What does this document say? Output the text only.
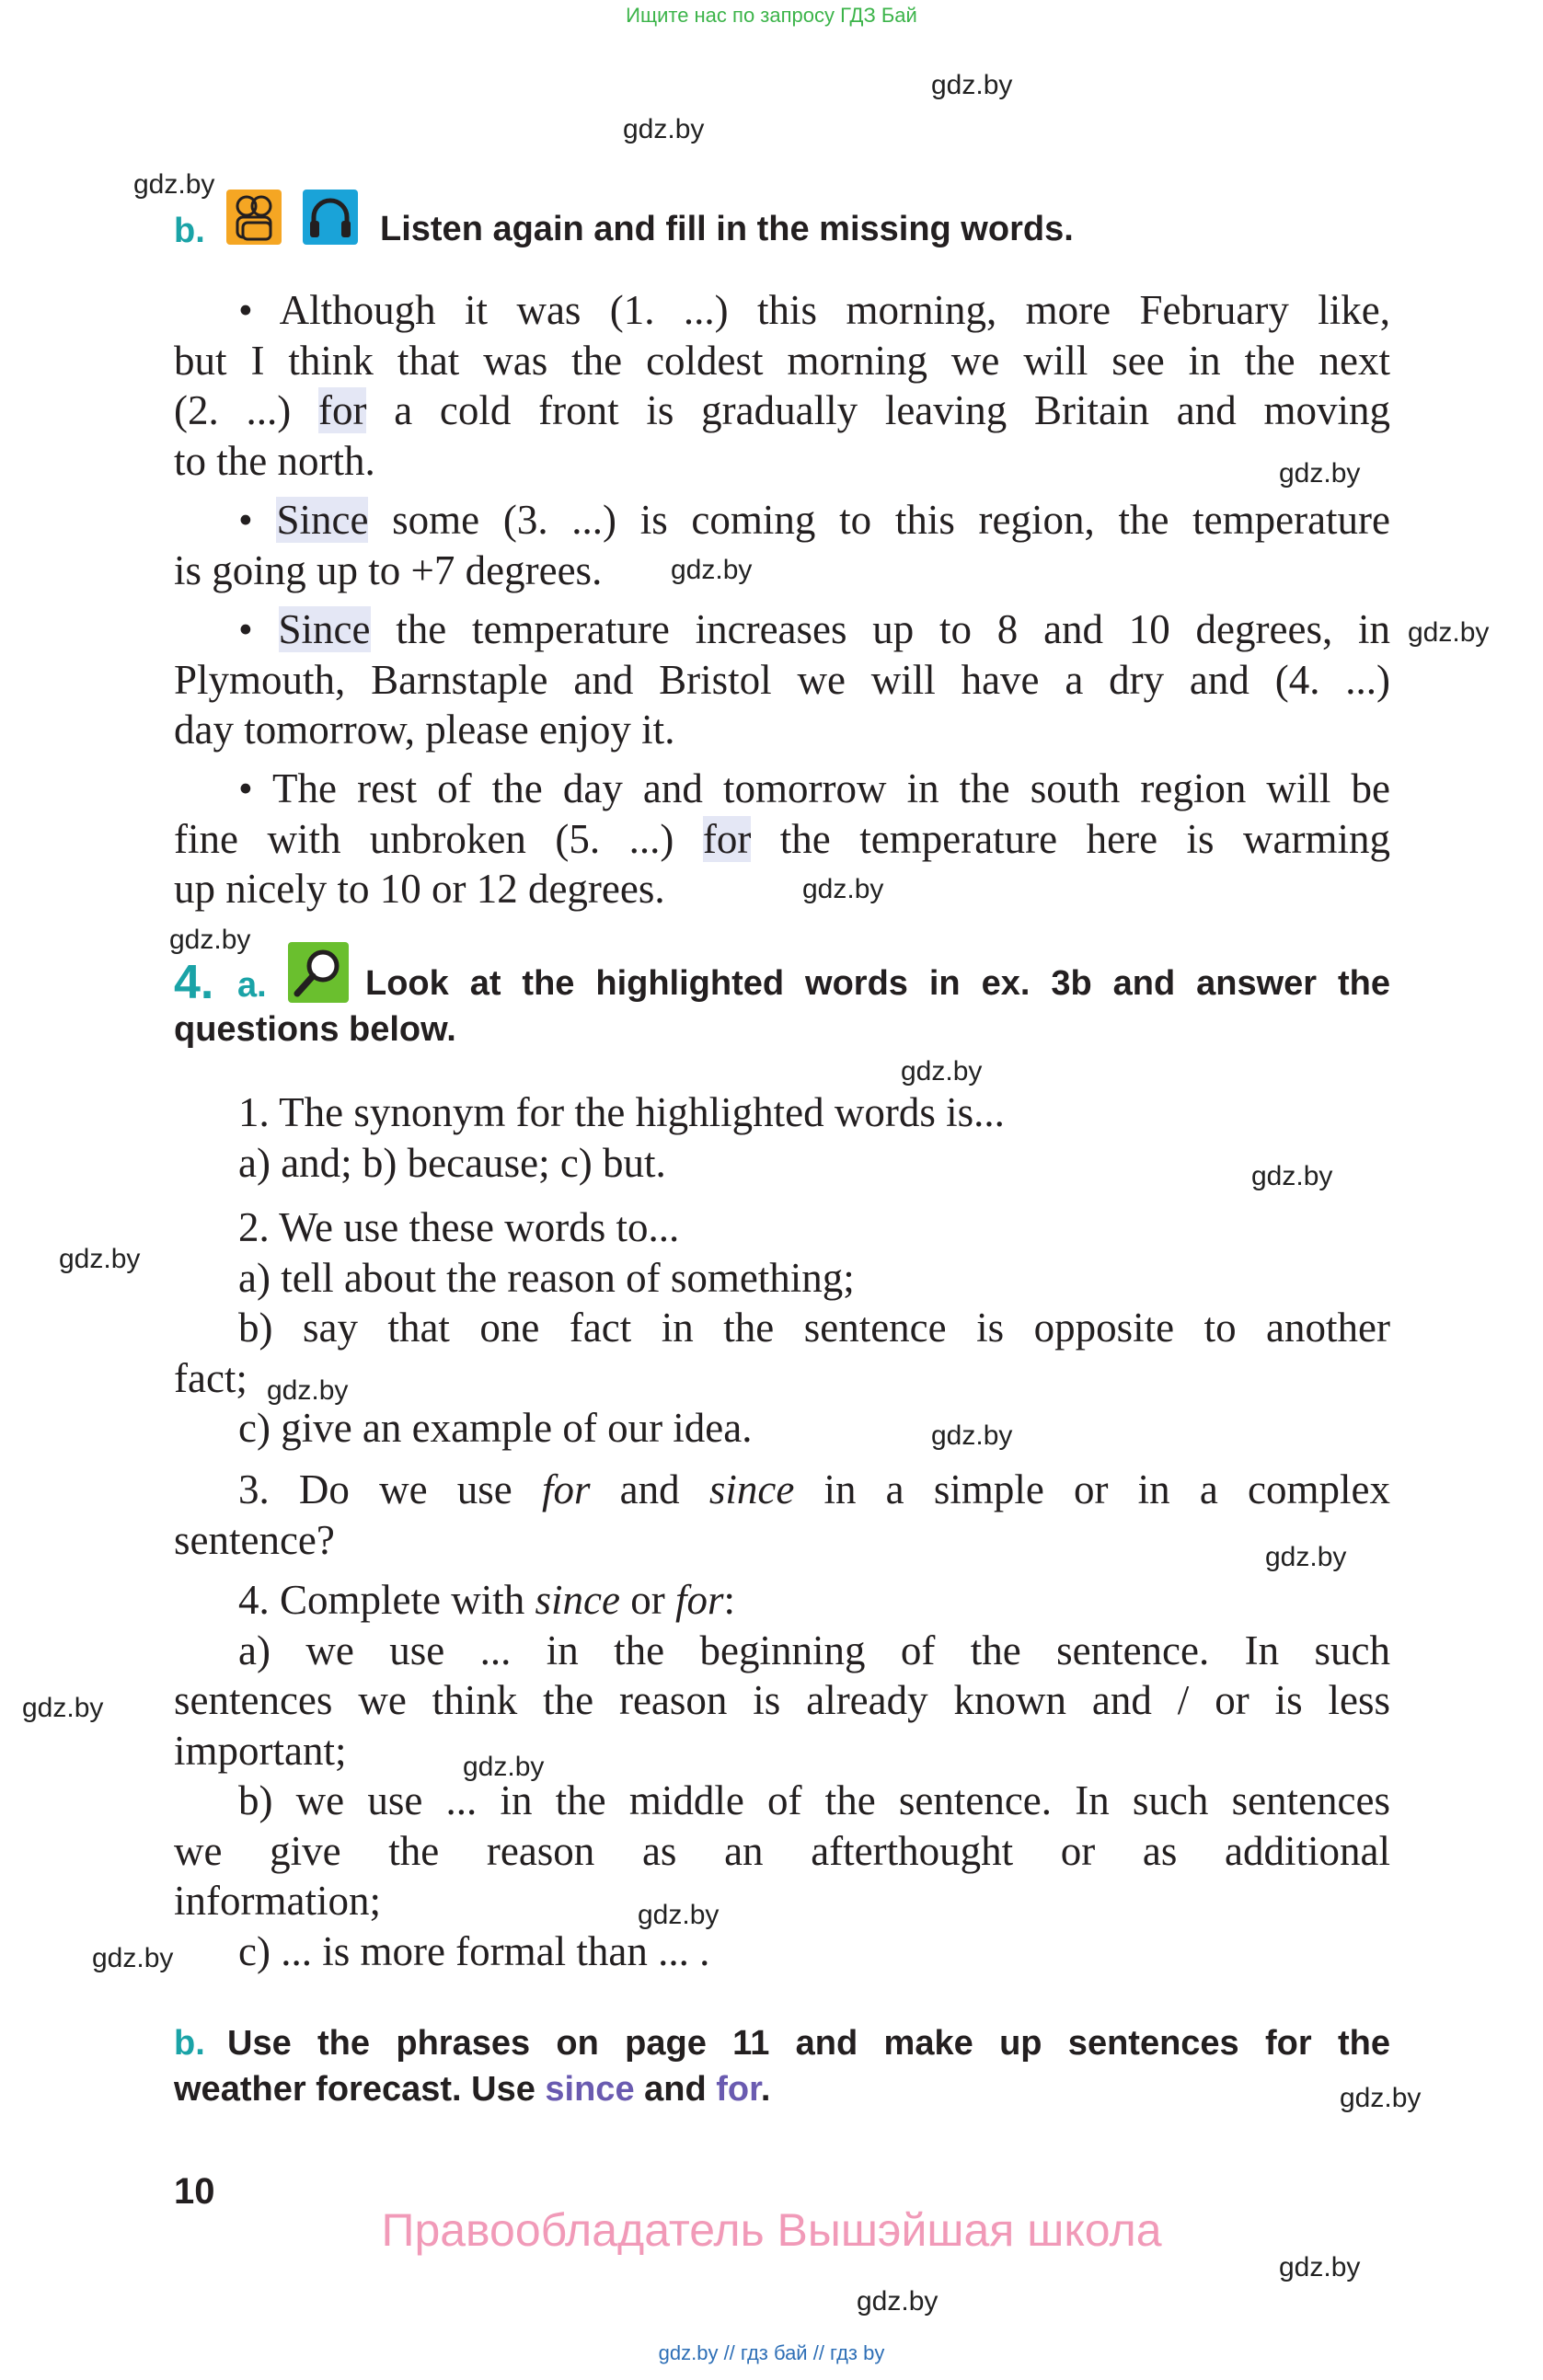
Ищите нас по запросу ГДЗ Бай
gdz.by
gdz.by
gdz.by
gdz.by
gdz.by
gdz.by
gdz.by
gdz.by
gdz.by
gdz.by
gdz.by
gdz.by
gdz.by
gdz.by
gdz.by
gdz.by
gdz.by
gdz.by
gdz.by
gdz.by
gdz.by
b.	Listen again and fill in the missing words.
• Although it was (1. ...) this morning, more February like,
but I think that was the coldest morning we will see in the next
(2. ...) for a cold front is gradually leaving Britain and moving
to the north.
• Since some (3. ...) is coming to this region, the temperature
is going up to +7 degrees.
• Since the temperature increases up to 8 and 10 degrees, in
Plymouth, Barnstaple and Bristol we will have a dry and (4. ...)
day tomorrow, please enjoy it.
• The rest of the day and tomorrow in the south region will be
fine with unbroken (5. ...) for the temperature here is warming
up nicely to 10 or 12 degrees.
4. a.	Look at the highlighted words in ex. 3b and answer the
questions below.
1. The synonym for the highlighted words is...
a) and; b) because; c) but.
2. We use these words to...
a) tell about the reason of something;
b) say that one fact in the sentence is opposite to another
fact;
c) give an example of our idea.
3. Do we use for and since in a simple or in a complex
sentence?
4. Complete with since or for:
a) we use ... in the beginning of the sentence. In such
sentences we think the reason is already known and / or is less
important;
b) we use ... in the middle of the sentence. In such sentences
we give the reason as an afterthought or as additional
information;
c) ... is more formal than ... .
b. Use the phrases on page 11 and make up sentences for the
weather forecast. Use since and for.
10
Правообладатель Вышэйшая школа
gdz.by // гдз бай // гдз by
